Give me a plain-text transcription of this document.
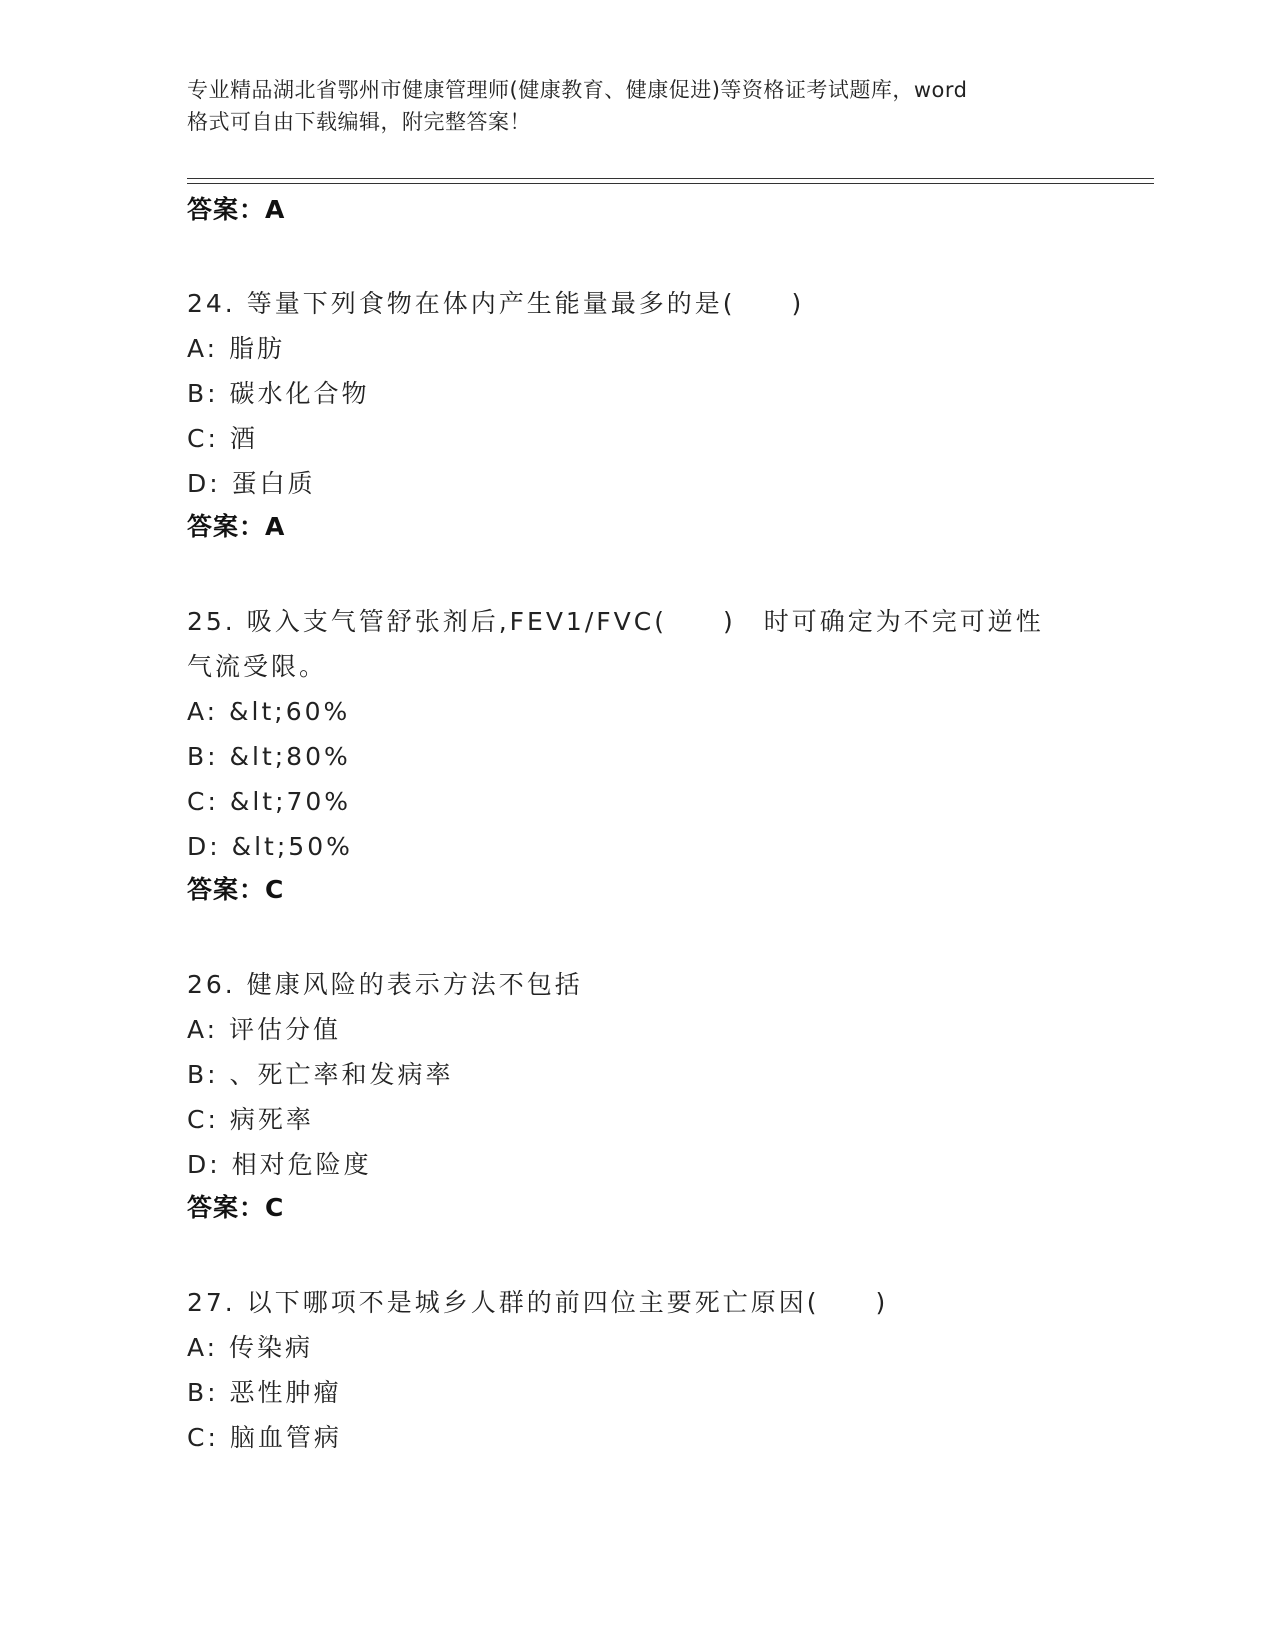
专业精品湖北省鄂州市健康管理师(健康教育、健康促进)等资格证考试题库，word
格式可自由下载编辑，附完整答案！
答案：A
24. 等量下列食物在体内产生能量最多的是(　　)
A: 脂肪
B: 碳水化合物
C: 酒
D: 蛋白质
答案：A
25. 吸入支气管舒张剂后,FEV1/FVC(　　)　时可确定为不完可逆性
气流受限。
A: &lt;60%
B: &lt;80%
C: &lt;70%
D: &lt;50%
答案：C
26. 健康风险的表示方法不包括
A: 评估分值
B: 、死亡率和发病率
C: 病死率
D: 相对危险度
答案：C
27. 以下哪项不是城乡人群的前四位主要死亡原因(　　)
A: 传染病
B: 恶性肿瘤
C: 脑血管病
